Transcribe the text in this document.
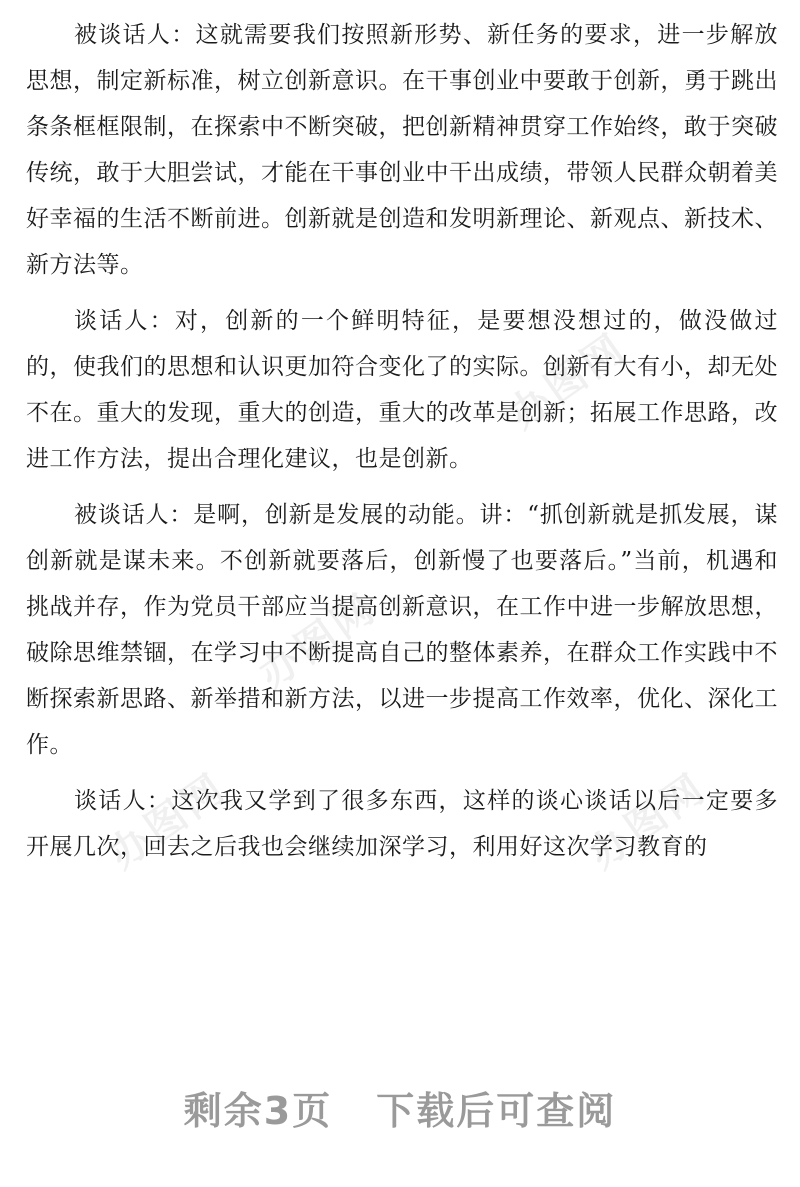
办图网
办图网
办图网	办图网

被谈话人：这就需要我们按照新形势、新任务的要求，进一步解放思想，制定新标准，树立创新意识。在干事创业中要敢于创新，勇于跳出条条框框限制，在探索中不断突破，把创新精神贯穿工作始终，敢于突破传统，敢于大胆尝试，才能在干事创业中干出成绩，带领人民群众朝着美好幸福的生活不断前进。创新就是创造和发明新理论、新观点、新技术、新方法等。

谈话人：对，创新的一个鲜明特征，是要想没想过的，做没做过的，使我们的思想和认识更加符合变化了的实际。创新有大有小，却无处不在。重大的发现，重大的创造，重大的改革是创新；拓展工作思路，改进工作方法，提出合理化建议，也是创新。

被谈话人：是啊，创新是发展的动能。讲：“抓创新就是抓发展，谋创新就是谋未来。不创新就要落后，创新慢了也要落后。”当前，机遇和挑战并存，作为党员干部应当提高创新意识，在工作中进一步解放思想，破除思维禁锢，在学习中不断提高自己的整体素养，在群众工作实践中不断探索新思路、新举措和新方法，以进一步提高工作效率，优化、深化工作。

谈话人：这次我又学到了很多东西，这样的谈心谈话以后一定要多开展几次，回去之后我也会继续加深学习，利用好这次学习教育的

剩余3页 下载后可查阅
